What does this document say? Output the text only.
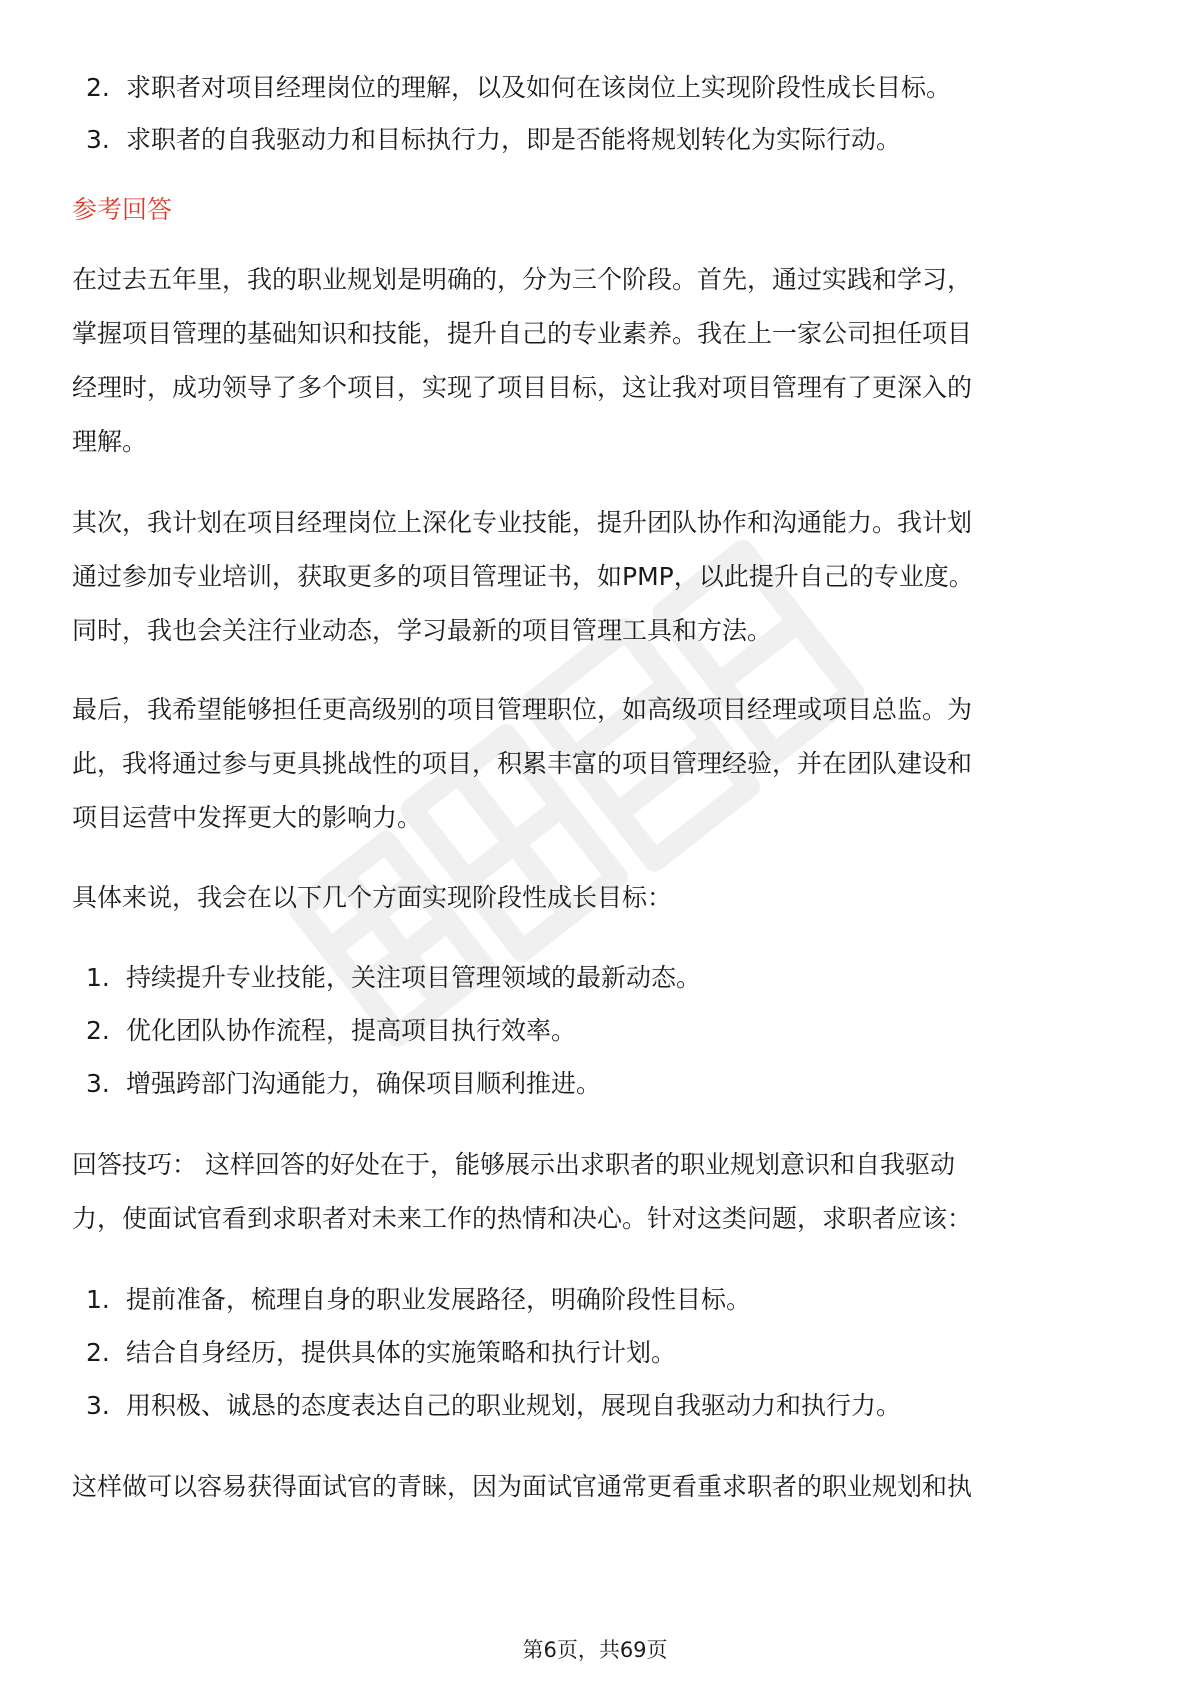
2. 求职者对项目经理岗位的理解，以及如何在该岗位上实现阶段性成长目标。
3. 求职者的自我驱动力和目标执行力，即是否能将规划转化为实际行动。
参考回答
在过去五年里，我的职业规划是明确的，分为三个阶段。首先，通过实践和学习，
掌握项目管理的基础知识和技能，提升自己的专业素养。我在上一家公司担任项目
经理时，成功领导了多个项目，实现了项目目标，这让我对项目管理有了更深入的
理解。
其次，我计划在项目经理岗位上深化专业技能，提升团队协作和沟通能力。我计划
通过参加专业培训，获取更多的项目管理证书，如PMP，以此提升自己的专业度。
同时，我也会关注行业动态，学习最新的项目管理工具和方法。
最后，我希望能够担任更高级别的项目管理职位，如高级项目经理或项目总监。为
此，我将通过参与更具挑战性的项目，积累丰富的项目管理经验，并在团队建设和
项目运营中发挥更大的影响力。
具体来说，我会在以下几个方面实现阶段性成长目标：
1. 持续提升专业技能，关注项目管理领域的最新动态。
2. 优化团队协作流程，提高项目执行效率。
3. 增强跨部门沟通能力，确保项目顺利推进。
回答技巧： 这样回答的好处在于，能够展示出求职者的职业规划意识和自我驱动
力，使面试官看到求职者对未来工作的热情和决心。针对这类问题，求职者应该：
1. 提前准备，梳理自身的职业发展路径，明确阶段性目标。
2. 结合自身经历，提供具体的实施策略和执行计划。
3. 用积极、诚恳的态度表达自己的职业规划，展现自我驱动力和执行力。
这样做可以容易获得面试官的青睐，因为面试官通常更看重求职者的职业规划和执
第6页，共69页
